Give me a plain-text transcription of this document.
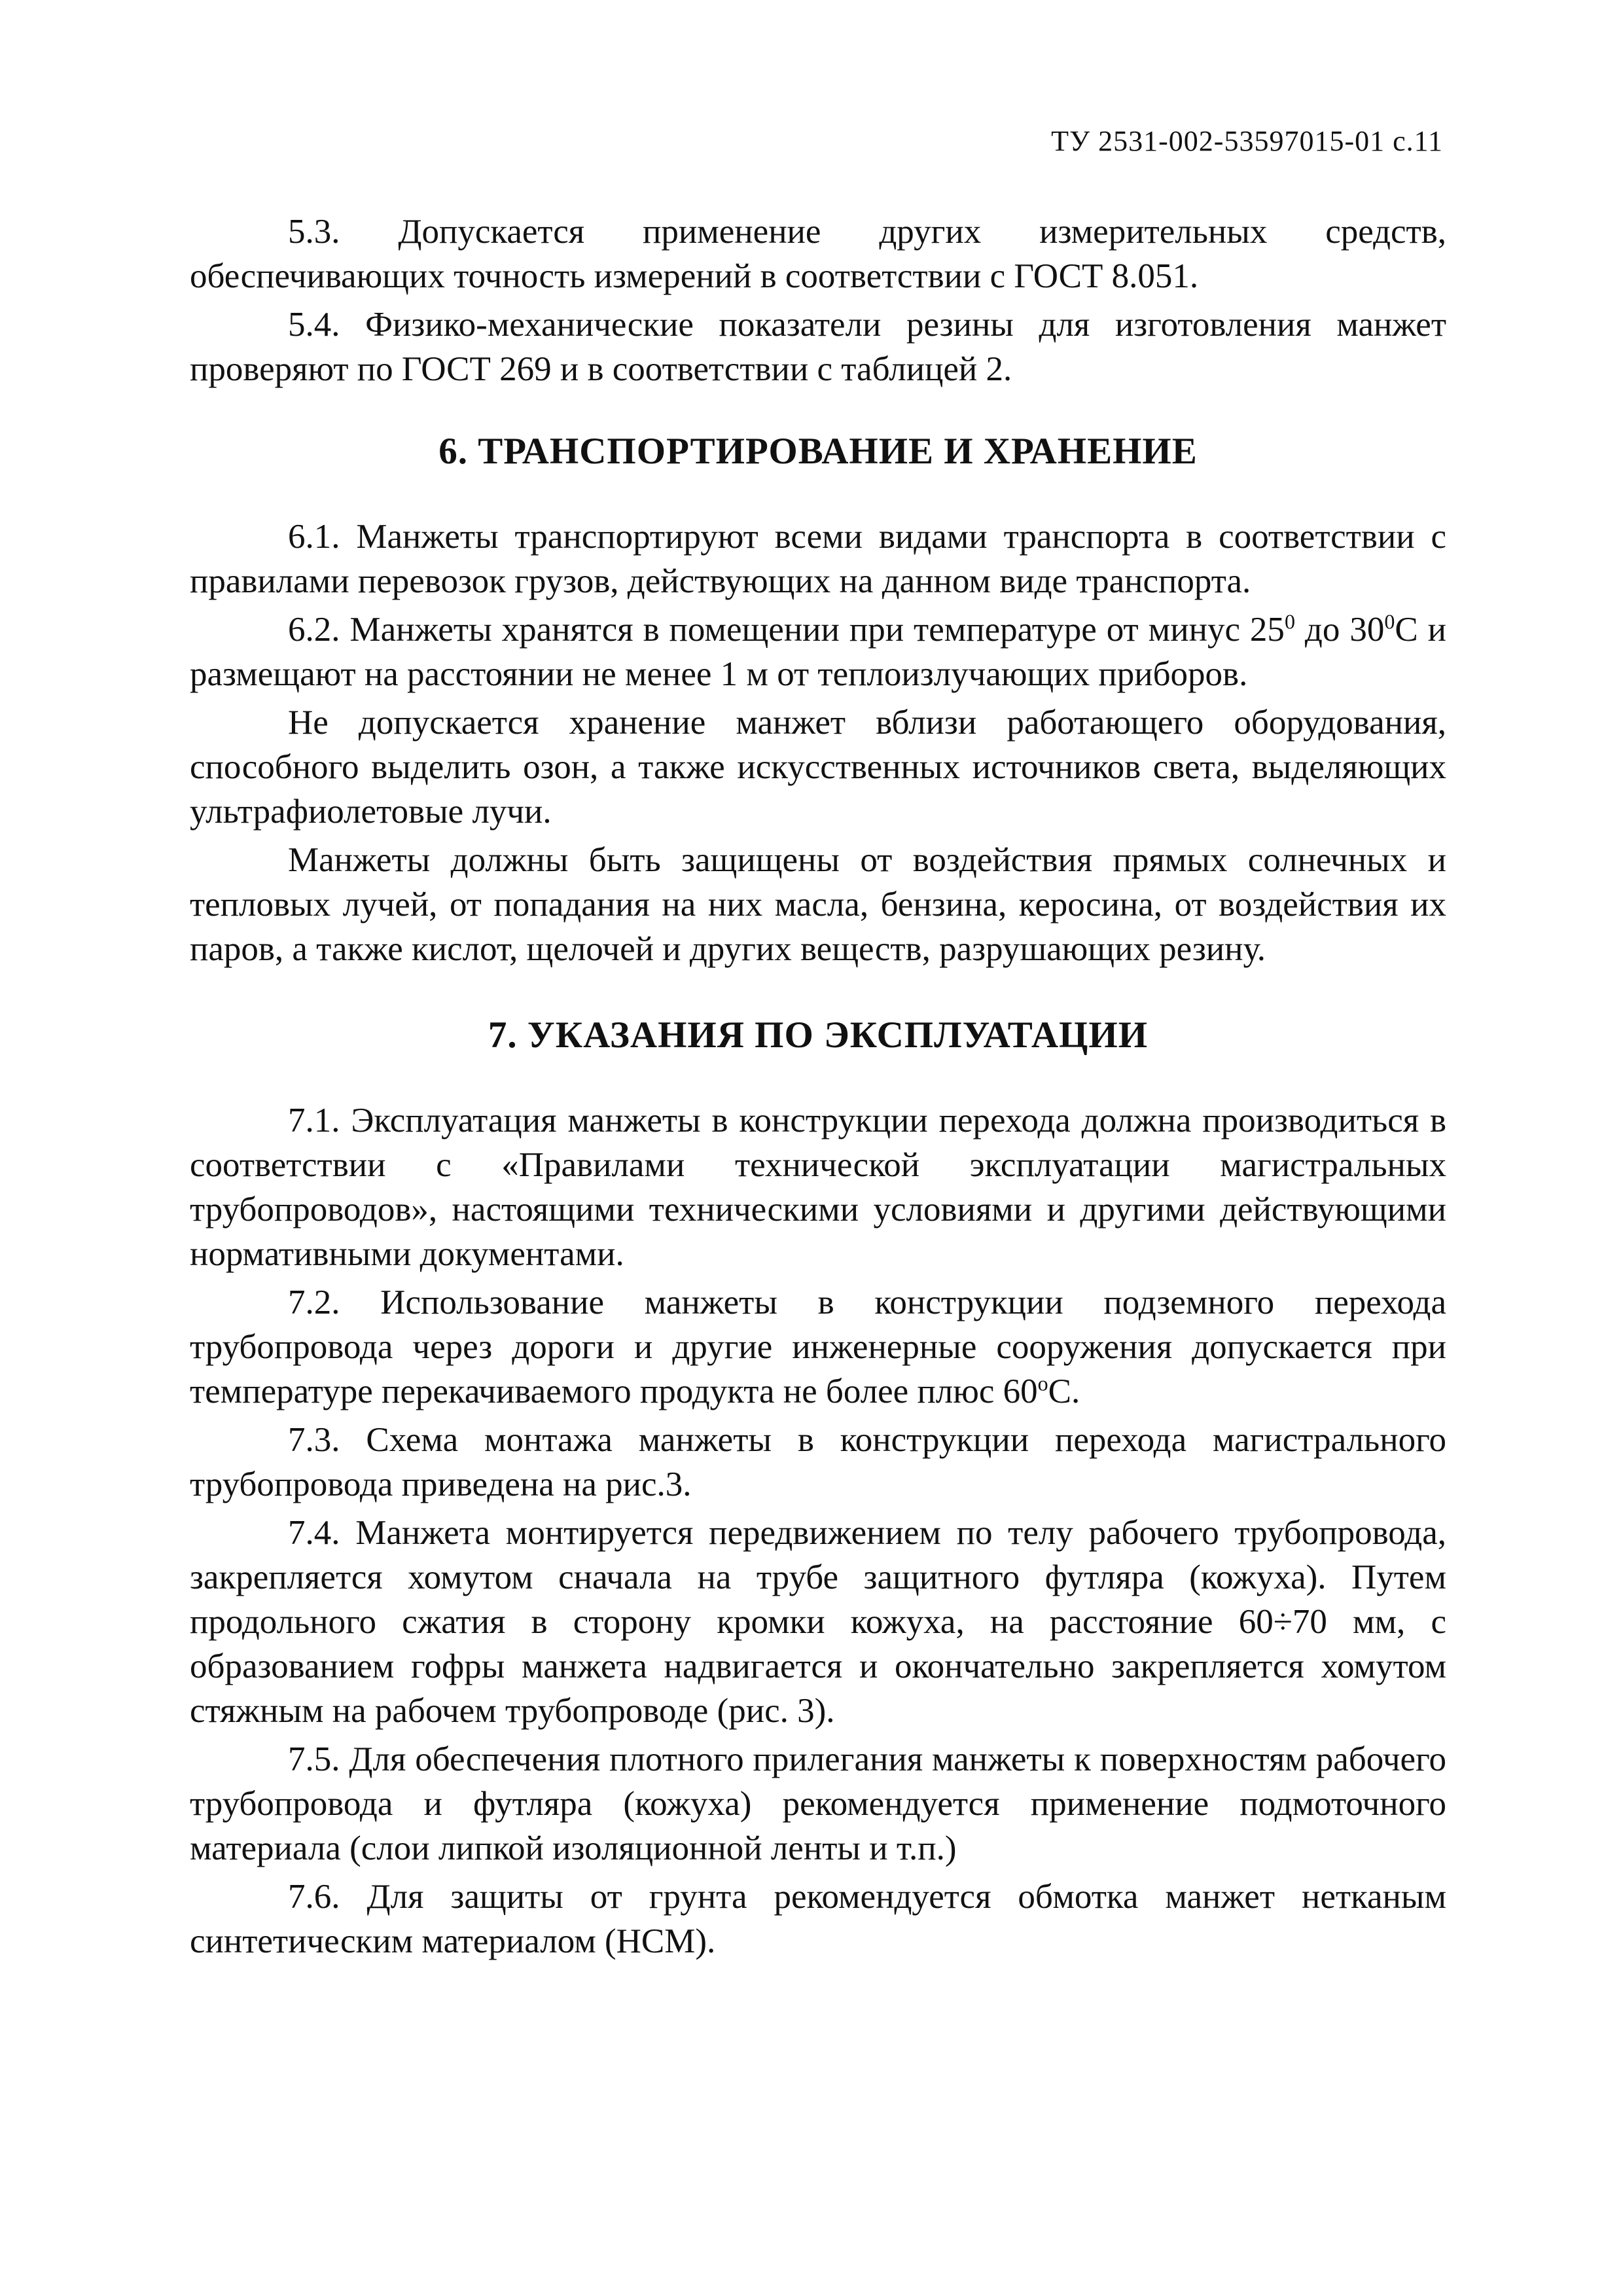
ТУ 2531-002-53597015-01 с.11

5.3. Допускается применение других измерительных средств, обеспечивающих точность измерений в соответствии с ГОСТ 8.051.

5.4. Физико-механические показатели резины для изготовления манжет проверяют по ГОСТ 269 и в соответствии с таблицей 2.

6. ТРАНСПОРТИРОВАНИЕ И ХРАНЕНИЕ

6.1. Манжеты транспортируют всеми видами транспорта в соответствии с правилами перевозок грузов, действующих на данном виде транспорта.

6.2. Манжеты хранятся в помещении при температуре от минус $25^0$ до $30^0С$ и размещают на расстоянии не менее 1 м от теплоизлучающих приборов.

Не допускается хранение манжет вблизи работающего оборудования, способного выделить озон, а также искусственных источников света, выделяющих ультрафиолетовые лучи.

Манжеты должны быть защищены от воздействия прямых солнечных и тепловых лучей, от попадания на них масла, бензина, керосина, от воздействия их паров, а также кислот, щелочей и других веществ, разрушающих резину.

7. УКАЗАНИЯ ПО ЭКСПЛУАТАЦИИ

7.1. Эксплуатация манжеты в конструкции перехода должна производиться в соответствии с «Правилами технической эксплуатации магистральных трубопроводов», настоящими техническими условиями и другими действующими нормативными документами.

7.2. Использование манжеты в конструкции подземного перехода трубопровода через дороги и другие инженерные сооружения допускается при температуре перекачиваемого продукта не более плюс $60^оС$.

7.3. Схема монтажа манжеты в конструкции перехода магистрального трубопровода приведена на рис.3.

7.4. Манжета монтируется передвижением по телу рабочего трубопровода, закрепляется хомутом сначала на трубе защитного футляра (кожуха). Путем продольного сжатия в сторону кромки кожуха, на расстояние 60÷70 мм, с образованием гофры манжета надвигается и окончательно закрепляется хомутом стяжным на рабочем трубопроводе (рис. 3).

7.5. Для обеспечения плотного прилегания манжеты к поверхностям рабочего трубопровода и футляра (кожуха) рекомендуется применение подмоточного материала (слои липкой изоляционной ленты и т.п.)

7.6. Для защиты от грунта рекомендуется обмотка манжет нетканым синтетическим материалом (НСМ).
